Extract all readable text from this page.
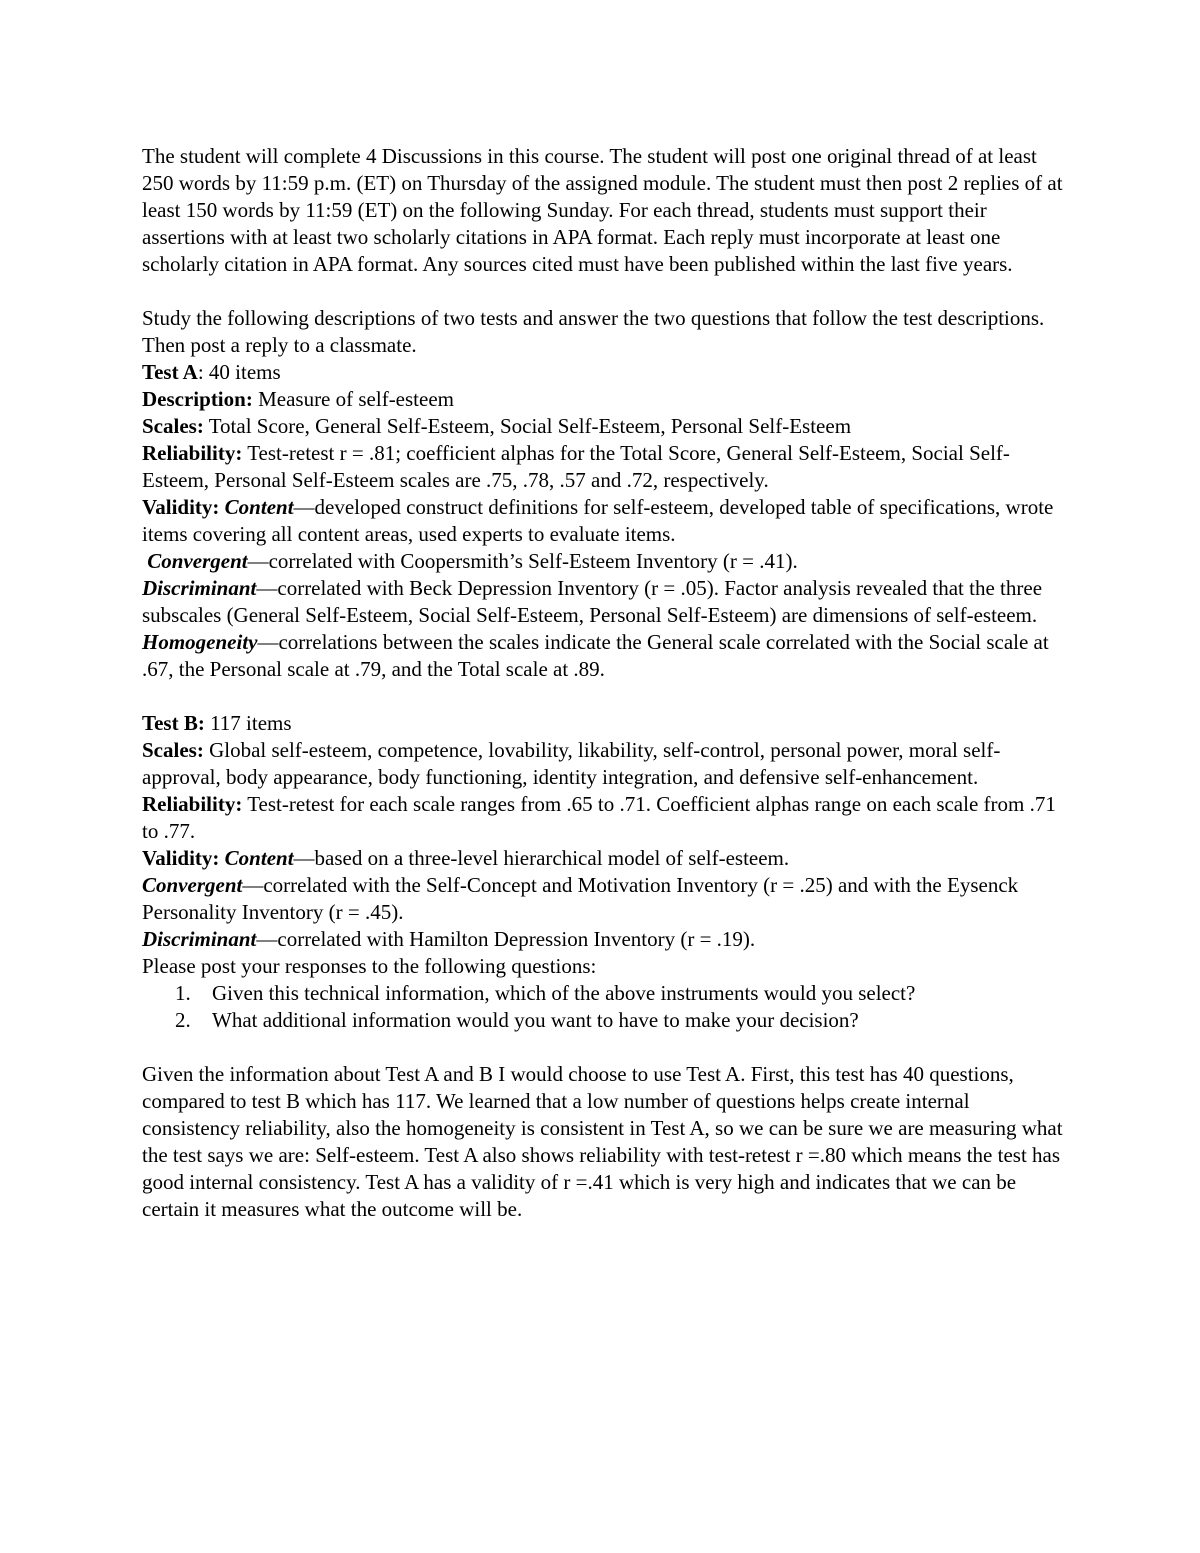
The student will complete 4 Discussions in this course. The student will post one original thread of at least 250 words by 11:59 p.m. (ET) on Thursday of the assigned module. The student must then post 2 replies of at least 150 words by 11:59 (ET) on the following Sunday. For each thread, students must support their assertions with at least two scholarly citations in APA format. Each reply must incorporate at least one scholarly citation in APA format. Any sources cited must have been published within the last five years.

Study the following descriptions of two tests and answer the two questions that follow the test descriptions. Then post a reply to a classmate.

Test A: 40 items

Description: Measure of self-esteem

Scales: Total Score, General Self-Esteem, Social Self-Esteem, Personal Self-Esteem

Reliability: Test-retest r = .81; coefficient alphas for the Total Score, General Self-Esteem, Social Self-Esteem, Personal Self-Esteem scales are .75, .78, .57 and .72, respectively.

Validity: Content—developed construct definitions for self-esteem, developed table of specifications, wrote items covering all content areas, used experts to evaluate items.

Convergent—correlated with Coopersmith’s Self-Esteem Inventory (r = .41).

Discriminant—correlated with Beck Depression Inventory (r = .05). Factor analysis revealed that the three subscales (General Self-Esteem, Social Self-Esteem, Personal Self-Esteem) are dimensions of self-esteem.

Homogeneity—correlations between the scales indicate the General scale correlated with the Social scale at .67, the Personal scale at .79, and the Total scale at .89.

Test B: 117 items

Scales: Global self-esteem, competence, lovability, likability, self-control, personal power, moral self-approval, body appearance, body functioning, identity integration, and defensive self-enhancement.

Reliability: Test-retest for each scale ranges from .65 to .71. Coefficient alphas range on each scale from .71 to .77.

Validity: Content—based on a three-level hierarchical model of self-esteem.

Convergent—correlated with the Self-Concept and Motivation Inventory (r = .25) and with the Eysenck Personality Inventory (r = .45).

Discriminant—correlated with Hamilton Depression Inventory (r = .19).

Please post your responses to the following questions:

1. Given this technical information, which of the above instruments would you select?
2. What additional information would you want to have to make your decision?

Given the information about Test A and B I would choose to use Test A. First, this test has 40 questions, compared to test B which has 117. We learned that a low number of questions helps create internal consistency reliability, also the homogeneity is consistent in Test A, so we can be sure we are measuring what the test says we are: Self-esteem. Test A also shows reliability with test-retest r =.80 which means the test has good internal consistency. Test A has a validity of r =.41 which is very high and indicates that we can be certain it measures what the outcome will be.
